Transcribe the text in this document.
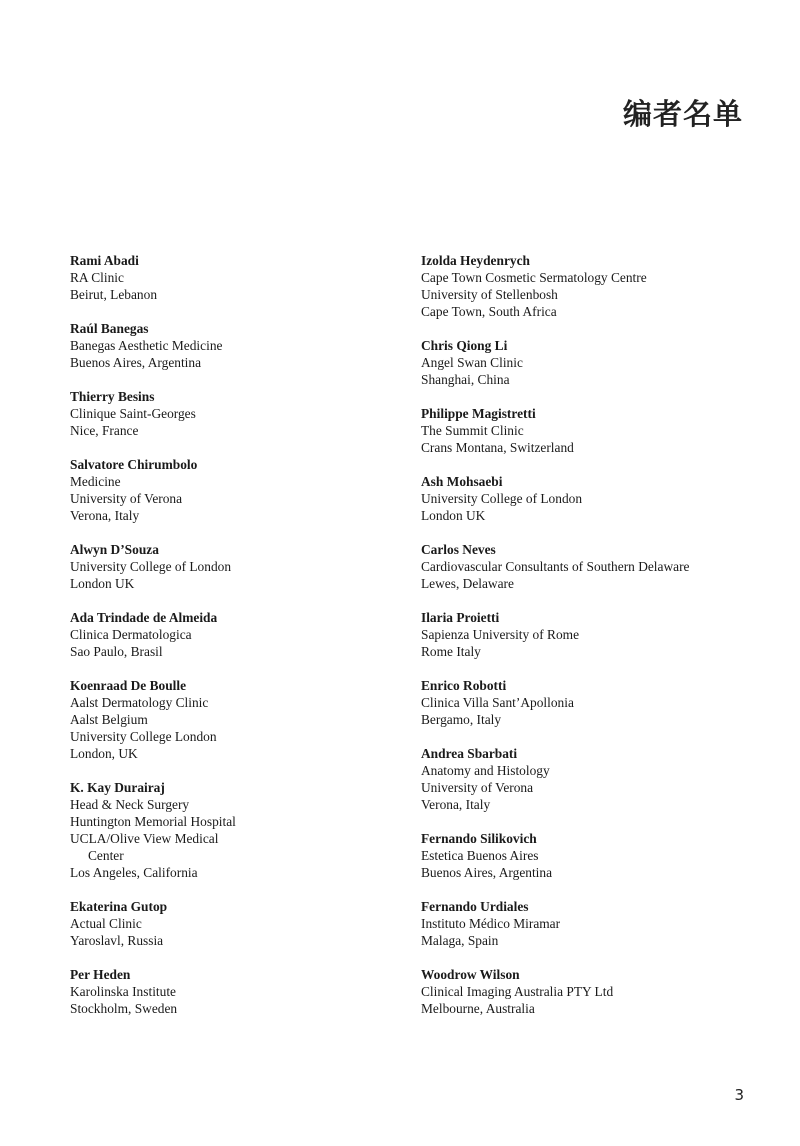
编者名单
Rami Abadi
RA Clinic
Beirut, Lebanon
Raúl Banegas
Banegas Aesthetic Medicine
Buenos Aires, Argentina
Thierry Besins
Clinique Saint-Georges
Nice, France
Salvatore Chirumbolo
Medicine
University of Verona
Verona, Italy
Alwyn D’Souza
University College of London
London UK
Ada Trindade de Almeida
Clinica Dermatologica
Sao Paulo, Brasil
Koenraad De Boulle
Aalst Dermatology Clinic
Aalst Belgium
University College London
London, UK
K. Kay Durairaj
Head & Neck Surgery
Huntington Memorial Hospital
UCLA/Olive View Medical
Center
Los Angeles, California
Ekaterina Gutop
Actual Clinic
Yaroslavl, Russia
Per Heden
Karolinska Institute
Stockholm, Sweden
Izolda Heydenrych
Cape Town Cosmetic Sermatology Centre
University of Stellenbosh
Cape Town, South Africa
Chris Qiong Li
Angel Swan Clinic
Shanghai, China
Philippe Magistretti
The Summit Clinic
Crans Montana, Switzerland
Ash Mohsaebi
University College of London
London UK
Carlos Neves
Cardiovascular Consultants of Southern Delaware
Lewes, Delaware
Ilaria Proietti
Sapienza University of Rome
Rome Italy
Enrico Robotti
Clinica Villa Sant’Apollonia
Bergamo, Italy
Andrea Sbarbati
Anatomy and Histology
University of Verona
Verona, Italy
Fernando Silikovich
Estetica Buenos Aires
Buenos Aires, Argentina
Fernando Urdiales
Instituto Médico Miramar
Malaga, Spain
Woodrow Wilson
Clinical Imaging Australia PTY Ltd
Melbourne, Australia
3
